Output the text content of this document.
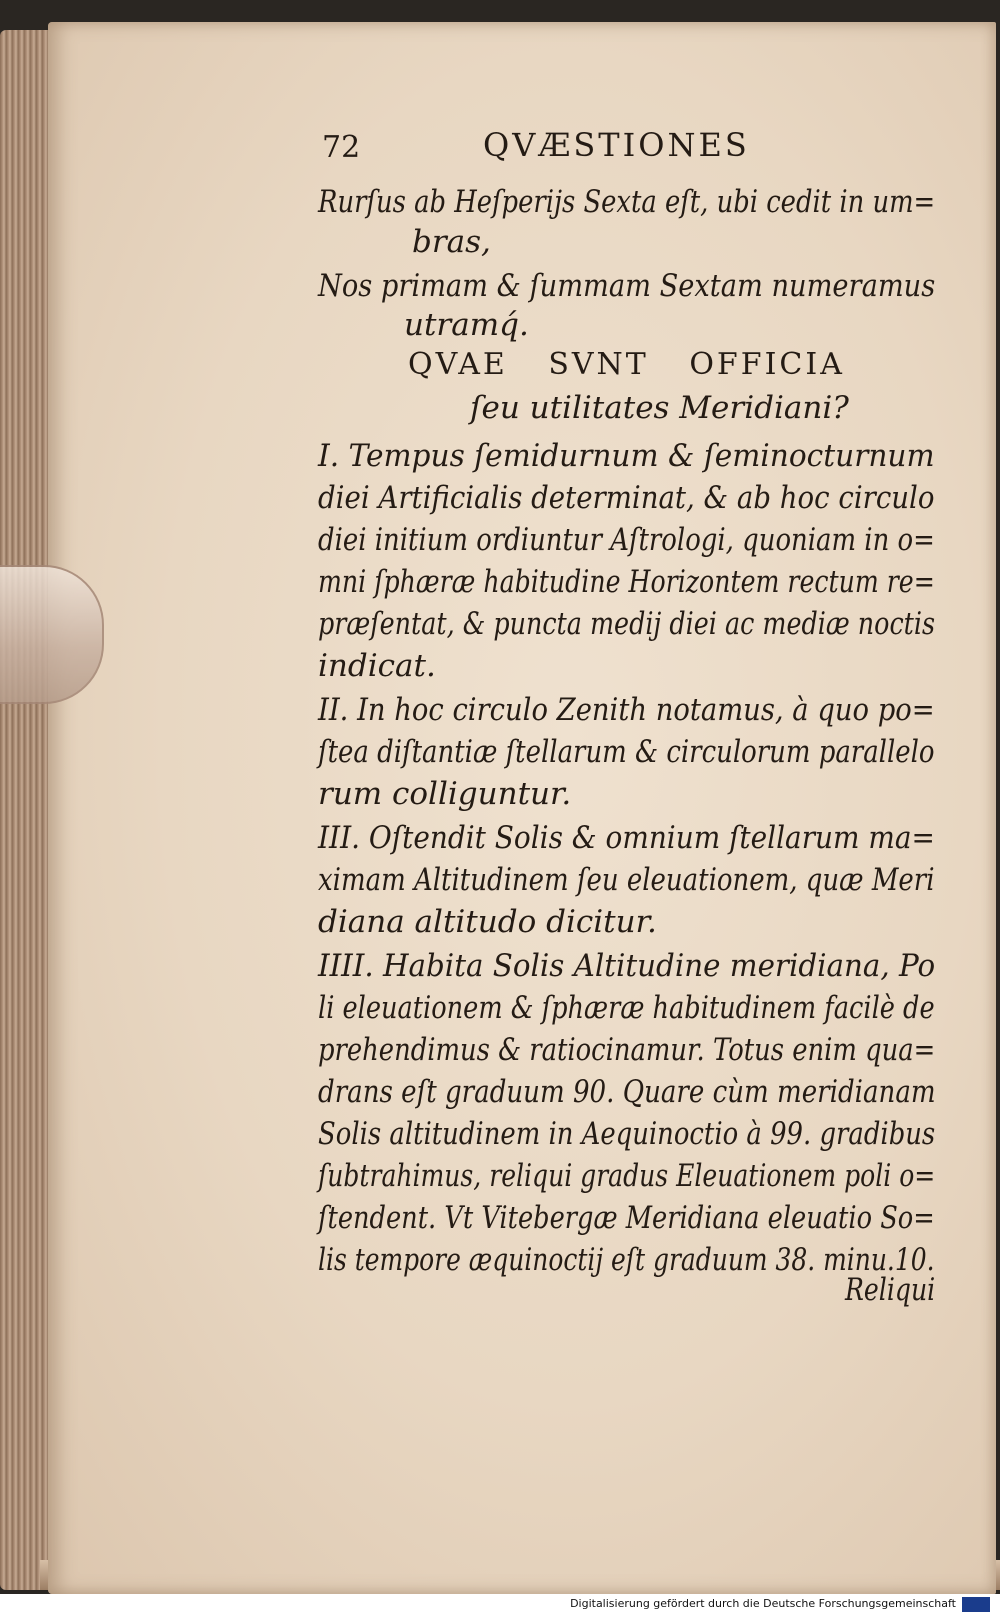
72	QVÆSTIONES

Rurſus ab Heſperijs Sexta eſt, ubi cedit in um=

bras,

Nos primam & ſummam Sextam numeramus

utramq́.

QVAE SVNT OFFICIA

ſeu utilitates Meridiani?

I. Tempus ſemidurnum & ſeminocturnum

diei Artificialis determinat, & ab hoc circulo

diei initium ordiuntur Aſtrologi, quoniam in o=

mni ſphæræ habitudine Horizontem rectum re=

præſentat, & puncta medij diei ac mediæ noctis

indicat.

II. In hoc circulo Zenith notamus, à quo po=

ſtea diſtantiæ ſtellarum & circulorum parallelo

rum colliguntur.

III. Oſtendit Solis & omnium ſtellarum ma=

ximam Altitudinem ſeu eleuationem, quæ Meri

diana altitudo dicitur.

IIII. Habita Solis Altitudine meridiana, Po

li eleuationem & ſphæræ habitudinem facilè de

prehendimus & ratiocinamur. Totus enim qua=

drans eſt graduum 90. Quare cùm meridianam

Solis altitudinem in Aequinoctio à 99. gradibus

ſubtrahimus, reliqui gradus Eleuationem poli o=

ſtendent. Vt Vitebergæ Meridiana eleuatio So=

lis tempore æquinoctij eſt graduum 38. minu.10.

Reliqui

Digitalisierung gefördert durch die Deutsche Forschungsgemeinschaft
